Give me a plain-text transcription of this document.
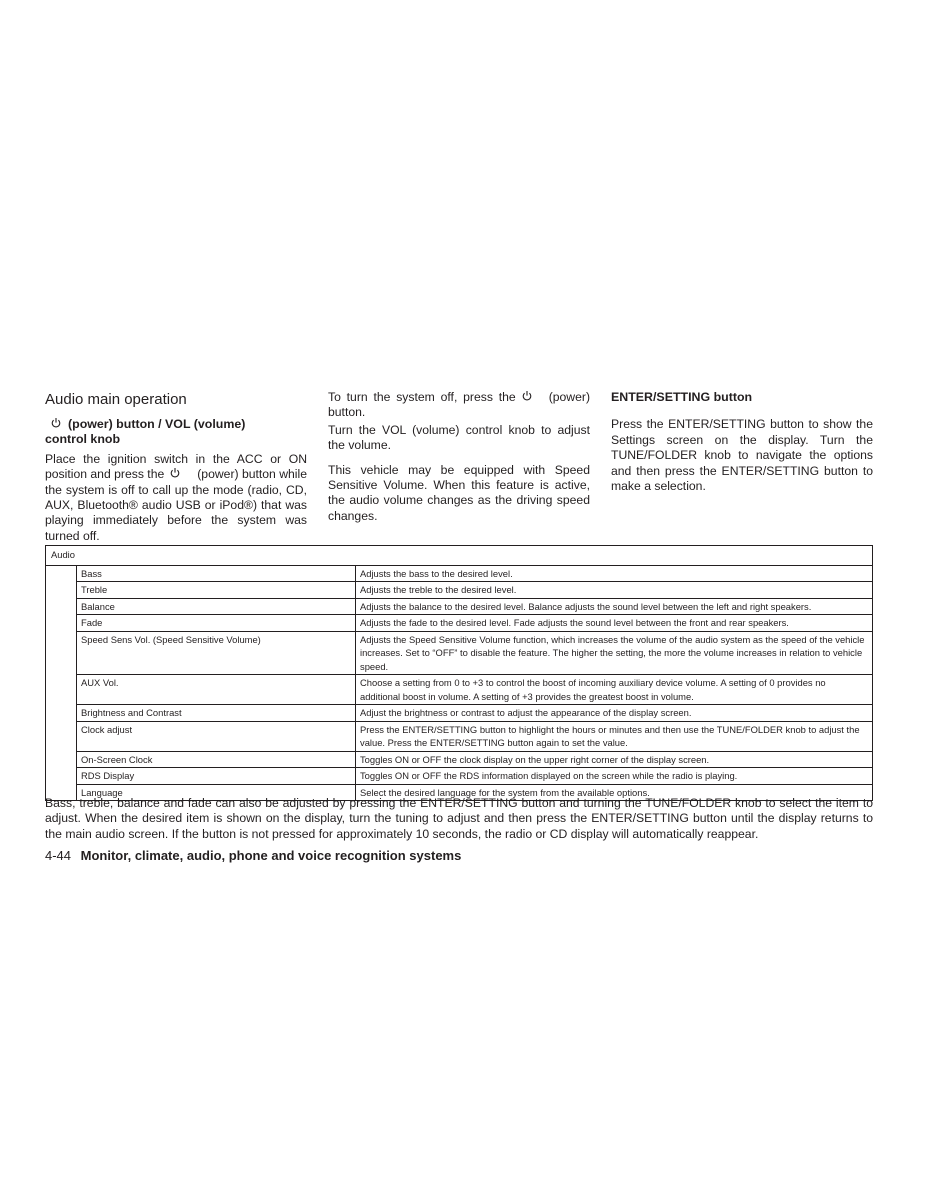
Audio main operation
(power) button / VOL (volume)
control knob

Place the ignition switch in the ACC or ON position and press the	(power) button while the system is off to call up the mode (radio, CD, AUX, Bluetooth® audio USB or iPod®) that was playing immediately before the system was turned off.

To turn the system off, press the	(power) button.

Turn the VOL (volume) control knob to adjust the volume.

This vehicle may be equipped with Speed Sensitive Volume. When this feature is active, the audio volume changes as the driving speed changes.

ENTER/SETTING button

Press the ENTER/SETTING button to show the Settings screen on the display. Turn the TUNE/FOLDER knob to navigate the options and then press the ENTER/SETTING button to make a selection.

Audio		
	Bass	Adjusts the bass to the desired level.
	Treble	Adjusts the treble to the desired level.
	Balance	Adjusts the balance to the desired level. Balance adjusts the sound level between the left and right speakers.
	Fade	Adjusts the fade to the desired level. Fade adjusts the sound level between the front and rear speakers.
	Speed Sens Vol. (Speed Sensitive Volume)	Adjusts the Speed Sensitive Volume function, which increases the volume of the audio system as the speed of the vehicle increases. Set to “OFF” to disable the feature. The higher the setting, the more the volume increases in relation to vehicle speed.
	AUX Vol.	Choose a setting from 0 to +3 to control the boost of incoming auxiliary device volume. A setting of 0 provides no additional boost in volume. A setting of +3 provides the greatest boost in volume.
	Brightness and Contrast	Adjust the brightness or contrast to adjust the appearance of the display screen.
	Clock adjust	Press the ENTER/SETTING button to highlight the hours or minutes and then use the TUNE/FOLDER knob to adjust the value. Press the ENTER/SETTING button again to set the value.
	On-Screen Clock	Toggles ON or OFF the clock display on the upper right corner of the display screen.
	RDS Display	Toggles ON or OFF the RDS information displayed on the screen while the radio is playing.
	Language	Select the desired language for the system from the available options.

Bass, treble, balance and fade can also be adjusted by pressing the ENTER/SETTING button and turning the TUNE/FOLDER knob to select the item to adjust. When the desired item is shown on the display, turn the tuning to adjust and then press the ENTER/SETTING button until the display returns to the main audio screen. If the button is not pressed for approximately 10 seconds, the radio or CD display will automatically reappear.

4-44 Monitor, climate, audio, phone and voice recognition systems
